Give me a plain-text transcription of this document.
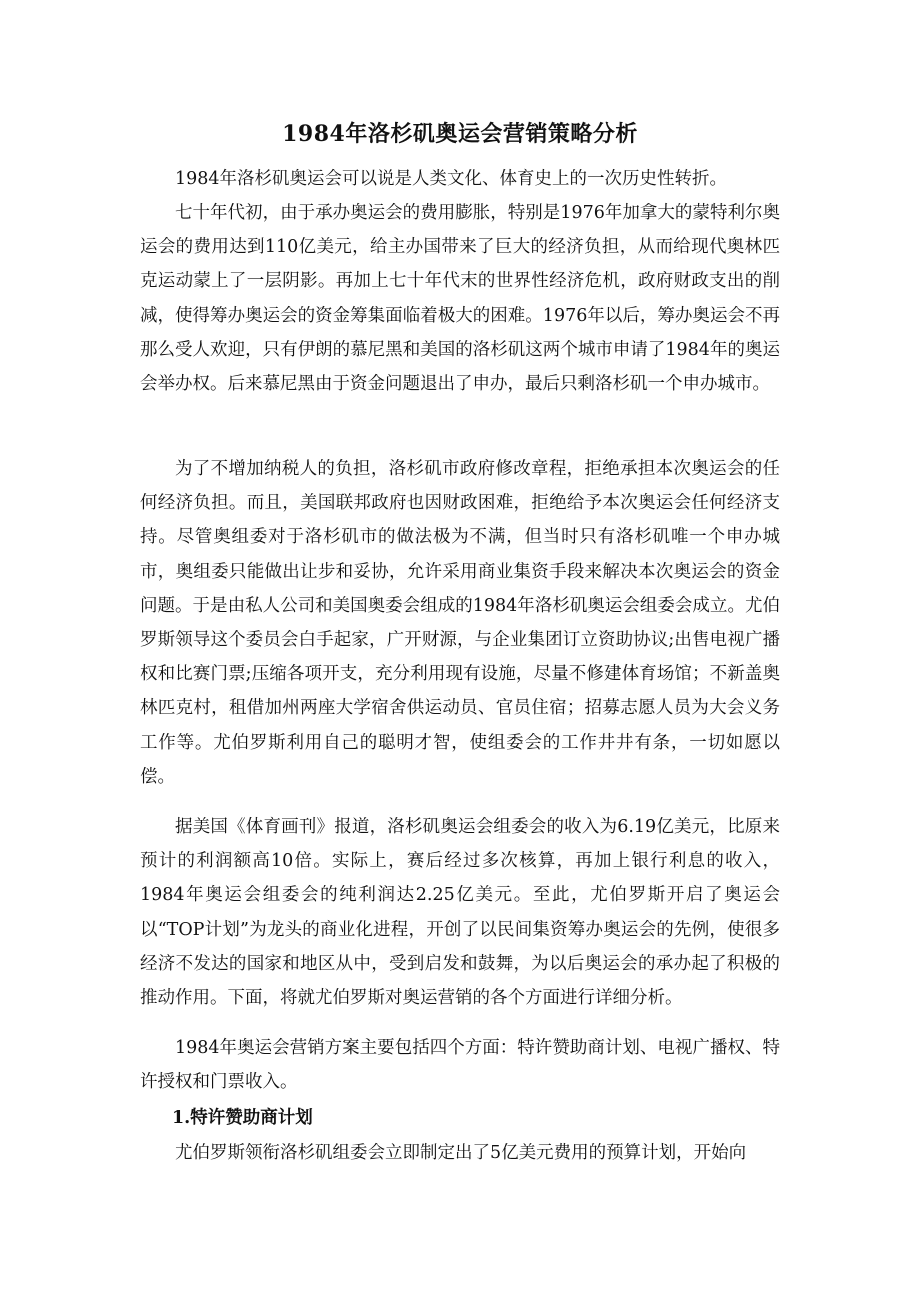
1984年洛杉矶奥运会营销策略分析

1984年洛杉矶奥运会可以说是人类文化、体育史上的一次历史性转折。

七十年代初，由于承办奥运会的费用膨胀，特别是1976年加拿大的蒙特利尔奥运会的费用达到110亿美元，给主办国带来了巨大的经济负担，从而给现代奥林匹克运动蒙上了一层阴影。再加上七十年代末的世界性经济危机，政府财政支出的削减，使得筹办奥运会的资金筹集面临着极大的困难。1976年以后，筹办奥运会不再那么受人欢迎，只有伊朗的慕尼黑和美国的洛杉矶这两个城市申请了1984年的奥运会举办权。后来慕尼黑由于资金问题退出了申办，最后只剩洛杉矶一个申办城市。

为了不增加纳税人的负担，洛杉矶市政府修改章程，拒绝承担本次奥运会的任何经济负担。而且，美国联邦政府也因财政困难，拒绝给予本次奥运会任何经济支持。尽管奥组委对于洛杉矶市的做法极为不满，但当时只有洛杉矶唯一个申办城市，奥组委只能做出让步和妥协，允许采用商业集资手段来解决本次奥运会的资金问题。于是由私人公司和美国奥委会组成的1984年洛杉矶奥运会组委会成立。尤伯罗斯领导这个委员会白手起家，广开财源，与企业集团订立资助协议;出售电视广播权和比赛门票;压缩各项开支，充分利用现有设施，尽量不修建体育场馆；不新盖奥林匹克村，租借加州两座大学宿舍供运动员、官员住宿；招募志愿人员为大会义务工作等。尤伯罗斯利用自己的聪明才智，使组委会的工作井井有条，一切如愿以偿。

据美国《体育画刊》报道，洛杉矶奥运会组委会的收入为6.19亿美元，比原来预计的利润额高10倍。实际上，赛后经过多次核算，再加上银行利息的收入，1984年奥运会组委会的纯利润达2.25亿美元。至此，尤伯罗斯开启了奥运会以“TOP计划”为龙头的商业化进程，开创了以民间集资筹办奥运会的先例，使很多经济不发达的国家和地区从中，受到启发和鼓舞，为以后奥运会的承办起了积极的推动作用。下面，将就尤伯罗斯对奥运营销的各个方面进行详细分析。

1984年奥运会营销方案主要包括四个方面：特许赞助商计划、电视广播权、特许授权和门票收入。

1.特许赞助商计划

尤伯罗斯领衔洛杉矶组委会立即制定出了5亿美元费用的预算计划，开始向
